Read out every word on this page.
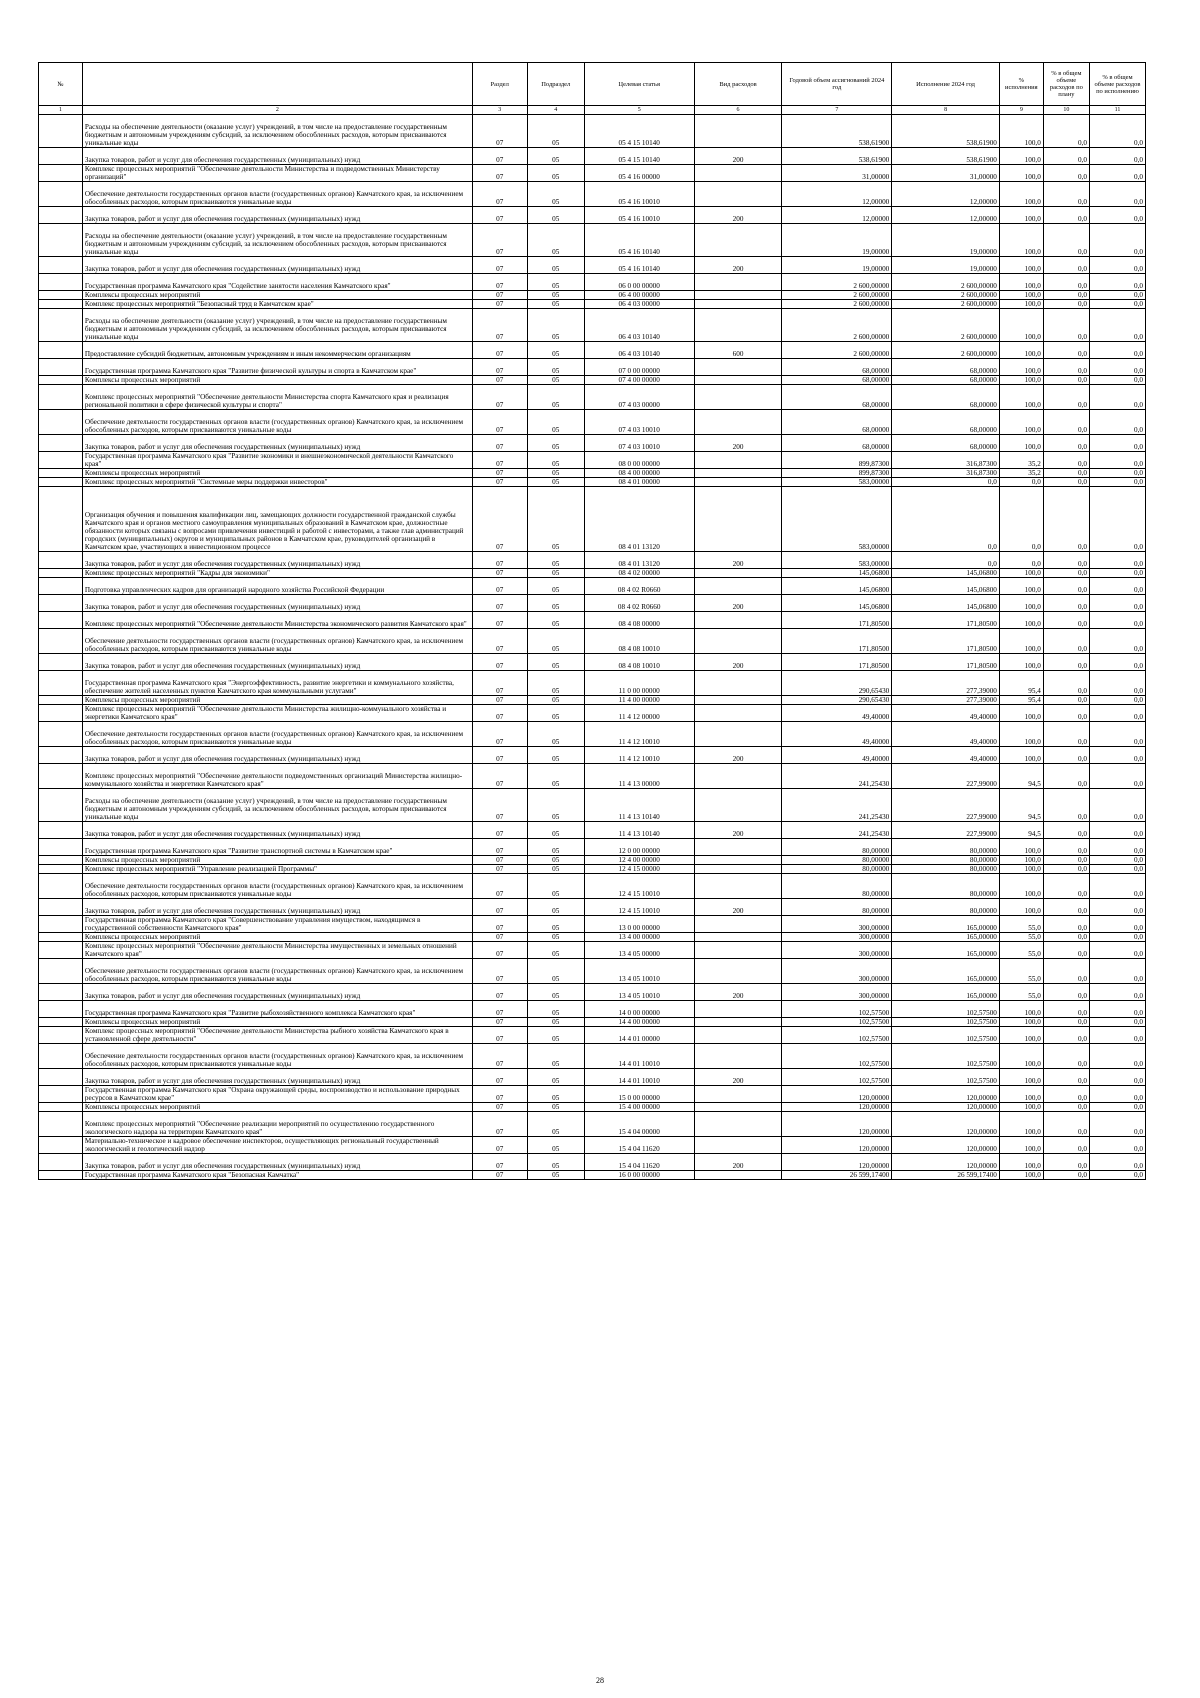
№		Раздел	Подраздел	Целевая статья	Вид расходов	Годовой объем ассигнований 2024 год	Исполнение 2024 год	% исполнения	% в общем объеме расходов по плану	% в общем объеме расходов по исполнению
1	2	3	4	5	6	7	8	9	10	11
	Расходы на обеспечение деятельности (оказание услуг) учреждений, в том числе на предоставление государственным бюджетным и автономным учреждениям субсидий, за исключением обособленных расходов, которым присваиваются уникальные коды	07	05	05 4 15 10140		538,61900	538,61900	100,0	0,0	0,0
	Закупка товаров, работ и услуг для обеспечения государственных (муниципальных) нужд	07	05	05 4 15 10140	200	538,61900	538,61900	100,0	0,0	0,0
	Комплекс процессных мероприятий "Обеспечение деятельности Министерства и подведомственных Министерству организаций"	07	05	05 4 16 00000		31,00000	31,00000	100,0	0,0	0,0
	Обеспечение деятельности государственных органов власти (государственных органов) Камчатского края, за исключением обособленных расходов, которым присваиваются уникальные коды	07	05	05 4 16 10010		12,00000	12,00000	100,0	0,0	0,0
	Закупка товаров, работ и услуг для обеспечения государственных (муниципальных) нужд	07	05	05 4 16 10010	200	12,00000	12,00000	100,0	0,0	0,0
	Расходы на обеспечение деятельности (оказание услуг) учреждений, в том числе на предоставление государственным бюджетным и автономным учреждениям субсидий, за исключением обособленных расходов, которым присваиваются уникальные коды	07	05	05 4 16 10140		19,00000	19,00000	100,0	0,0	0,0
	Закупка товаров, работ и услуг для обеспечения государственных (муниципальных) нужд	07	05	05 4 16 10140	200	19,00000	19,00000	100,0	0,0	0,0
	Государственная программа Камчатского края "Содействие занятости населения Камчатского края"	07	05	06 0 00 00000		2 600,00000	2 600,00000	100,0	0,0	0,0
	Комплексы процессных мероприятий	07	05	06 4 00 00000		2 600,00000	2 600,00000	100,0	0,0	0,0
	Комплекс процессных мероприятий "Безопасный труд в Камчатском крае"	07	05	06 4 03 00000		2 600,00000	2 600,00000	100,0	0,0	0,0
	Расходы на обеспечение деятельности (оказание услуг) учреждений, в том числе на предоставление государственным бюджетным и автономным учреждениям субсидий, за исключением обособленных расходов, которым присваиваются уникальные коды	07	05	06 4 03 10140		2 600,00000	2 600,00000	100,0	0,0	0,0
	Предоставление субсидий бюджетным, автономным учреждениям и иным некоммерческим организациям	07	05	06 4 03 10140	600	2 600,00000	2 600,00000	100,0	0,0	0,0
	Государственная программа Камчатского края "Развитие физической культуры и спорта в Камчатском крае"	07	05	07 0 00 00000		68,00000	68,00000	100,0	0,0	0,0
	Комплексы процессных мероприятий	07	05	07 4 00 00000		68,00000	68,00000	100,0	0,0	0,0
	Комплекс процессных мероприятий "Обеспечение деятельности Министерства спорта Камчатского края и реализация региональной политики в сфере физической культуры и спорта"	07	05	07 4 03 00000		68,00000	68,00000	100,0	0,0	0,0
	Обеспечение деятельности государственных органов власти (государственных органов) Камчатского края, за исключением обособленных расходов, которым присваиваются уникальные коды	07	05	07 4 03 10010		68,00000	68,00000	100,0	0,0	0,0
	Закупка товаров, работ и услуг для обеспечения государственных (муниципальных) нужд	07	05	07 4 03 10010	200	68,00000	68,00000	100,0	0,0	0,0
	Государственная программа Камчатского края "Развитие экономики и внешнеэкономической деятельности Камчатского края"	07	05	08 0 00 00000		899,87300	316,87300	35,2	0,0	0,0
	Комплексы процессных мероприятий	07	05	08 4 00 00000		899,87300	316,87300	35,2	0,0	0,0
	Комплекс процессных мероприятий "Системные меры поддержки инвесторов"	07	05	08 4 01 00000		583,00000	0,0	0,0	0,0	0,0
	Организация обучения и повышения квалификации лиц, замещающих должности государственной гражданской службы Камчатского края и органов местного самоуправления муниципальных образований в Камчатском крае, должностные обязанности которых связаны с вопросами привлечения инвестиций и работой с инвесторами, а также глав администраций городских (муниципальных) округов и муниципальных районов в Камчатском крае, руководителей организаций в Камчатском крае, участвующих в инвестиционном процессе	07	05	08 4 01 13120		583,00000	0,0	0,0	0,0	0,0
	Закупка товаров, работ и услуг для обеспечения государственных (муниципальных) нужд	07	05	08 4 01 13120	200	583,00000	0,0	0,0	0,0	0,0
	Комплекс процессных мероприятий "Кадры для экономики"	07	05	08 4 02 00000		145,06800	145,06800	100,0	0,0	0,0
	Подготовка управленческих кадров для организаций народного хозяйства Российской Федерации	07	05	08 4 02 R0660		145,06800	145,06800	100,0	0,0	0,0
	Закупка товаров, работ и услуг для обеспечения государственных (муниципальных) нужд	07	05	08 4 02 R0660	200	145,06800	145,06800	100,0	0,0	0,0
	Комплекс процессных мероприятий "Обеспечение деятельности Министерства экономического развития Камчатского края"	07	05	08 4 08 00000		171,80500	171,80500	100,0	0,0	0,0
	Обеспечение деятельности государственных органов власти (государственных органов) Камчатского края, за исключением обособленных расходов, которым присваиваются уникальные коды	07	05	08 4 08 10010		171,80500	171,80500	100,0	0,0	0,0
	Закупка товаров, работ и услуг для обеспечения государственных (муниципальных) нужд	07	05	08 4 08 10010	200	171,80500	171,80500	100,0	0,0	0,0
	Государственная программа Камчатского края "Энергоэффективность, развитие энергетики и коммунального хозяйства, обеспечение жителей населенных пунктов Камчатского края коммунальными услугами"	07	05	11 0 00 00000		290,65430	277,39000	95,4	0,0	0,0
	Комплексы процессных мероприятий	07	05	11 4 00 00000		290,65430	277,39000	95,4	0,0	0,0
	Комплекс процессных мероприятий "Обеспечение деятельности Министерства жилищно-коммунального хозяйства и энергетики Камчатского края"	07	05	11 4 12 00000		49,40000	49,40000	100,0	0,0	0,0
	Обеспечение деятельности государственных органов власти (государственных органов) Камчатского края, за исключением обособленных расходов, которым присваиваются уникальные коды	07	05	11 4 12 10010		49,40000	49,40000	100,0	0,0	0,0
	Закупка товаров, работ и услуг для обеспечения государственных (муниципальных) нужд	07	05	11 4 12 10010	200	49,40000	49,40000	100,0	0,0	0,0
	Комплекс процессных мероприятий "Обеспечение деятельности подведомственных организаций Министерства жилищно-коммунального хозяйства и энергетики Камчатского края"	07	05	11 4 13 00000		241,25430	227,99000	94,5	0,0	0,0
	Расходы на обеспечение деятельности (оказание услуг) учреждений, в том числе на предоставление государственным бюджетным и автономным учреждениям субсидий, за исключением обособленных расходов, которым присваиваются уникальные коды	07	05	11 4 13 10140		241,25430	227,99000	94,5	0,0	0,0
	Закупка товаров, работ и услуг для обеспечения государственных (муниципальных) нужд	07	05	11 4 13 10140	200	241,25430	227,99000	94,5	0,0	0,0
	Государственная программа Камчатского края "Развитие транспортной системы в Камчатском крае"	07	05	12 0 00 00000		80,00000	80,00000	100,0	0,0	0,0
	Комплексы процессных мероприятий	07	05	12 4 00 00000		80,00000	80,00000	100,0	0,0	0,0
	Комплекс процессных мероприятий "Управление реализацией Программы"	07	05	12 4 15 00000		80,00000	80,00000	100,0	0,0	0,0
	Обеспечение деятельности государственных органов власти (государственных органов) Камчатского края, за исключением обособленных расходов, которым присваиваются уникальные коды	07	05	12 4 15 10010		80,00000	80,00000	100,0	0,0	0,0
	Закупка товаров, работ и услуг для обеспечения государственных (муниципальных) нужд	07	05	12 4 15 10010	200	80,00000	80,00000	100,0	0,0	0,0
	Государственная программа Камчатского края "Совершенствование управления имуществом, находящимся в государственной собственности Камчатского края"	07	05	13 0 00 00000		300,00000	165,00000	55,0	0,0	0,0
	Комплексы процессных мероприятий	07	05	13 4 00 00000		300,00000	165,00000	55,0	0,0	0,0
	Комплекс процессных мероприятий "Обеспечение деятельности Министерства имущественных и земельных отношений Камчатского края"	07	05	13 4 05 00000		300,00000	165,00000	55,0	0,0	0,0
	Обеспечение деятельности государственных органов власти (государственных органов) Камчатского края, за исключением обособленных расходов, которым присваиваются уникальные коды	07	05	13 4 05 10010		300,00000	165,00000	55,0	0,0	0,0
	Закупка товаров, работ и услуг для обеспечения государственных (муниципальных) нужд	07	05	13 4 05 10010	200	300,00000	165,00000	55,0	0,0	0,0
	Государственная программа Камчатского края "Развитие рыбохозяйственного комплекса Камчатского края"	07	05	14 0 00 00000		102,57500	102,57500	100,0	0,0	0,0
	Комплексы процессных мероприятий	07	05	14 4 00 00000		102,57500	102,57500	100,0	0,0	0,0
	Комплекс процессных мероприятий "Обеспечение деятельности Министерства рыбного хозяйства Камчатского края в установленной сфере деятельности"	07	05	14 4 01 00000		102,57500	102,57500	100,0	0,0	0,0
	Обеспечение деятельности государственных органов власти (государственных органов) Камчатского края, за исключением обособленных расходов, которым присваиваются уникальные коды	07	05	14 4 01 10010		102,57500	102,57500	100,0	0,0	0,0
	Закупка товаров, работ и услуг для обеспечения государственных (муниципальных) нужд	07	05	14 4 01 10010	200	102,57500	102,57500	100,0	0,0	0,0
	Государственная программа Камчатского края "Охрана окружающей среды, воспроизводство и использование природных ресурсов в Камчатском крае"	07	05	15 0 00 00000		120,00000	120,00000	100,0	0,0	0,0
	Комплексы процессных мероприятий	07	05	15 4 00 00000		120,00000	120,00000	100,0	0,0	0,0
	Комплекс процессных мероприятий "Обеспечение реализации мероприятий по осуществлению государственного экологического надзора на территории Камчатского края"	07	05	15 4 04 00000		120,00000	120,00000	100,0	0,0	0,0
	Материально-техническое и кадровое обеспечение инспекторов, осуществляющих региональный государственный экологический и геологический надзор	07	05	15 4 04 11620		120,00000	120,00000	100,0	0,0	0,0
	Закупка товаров, работ и услуг для обеспечения государственных (муниципальных) нужд	07	05	15 4 04 11620	200	120,00000	120,00000	100,0	0,0	0,0
	Государственная программа Камчатского края "Безопасная Камчатка"	07	05	16 0 00 00000		26 599,17400	26 599,17400	100,0	0,0	0,0
28
